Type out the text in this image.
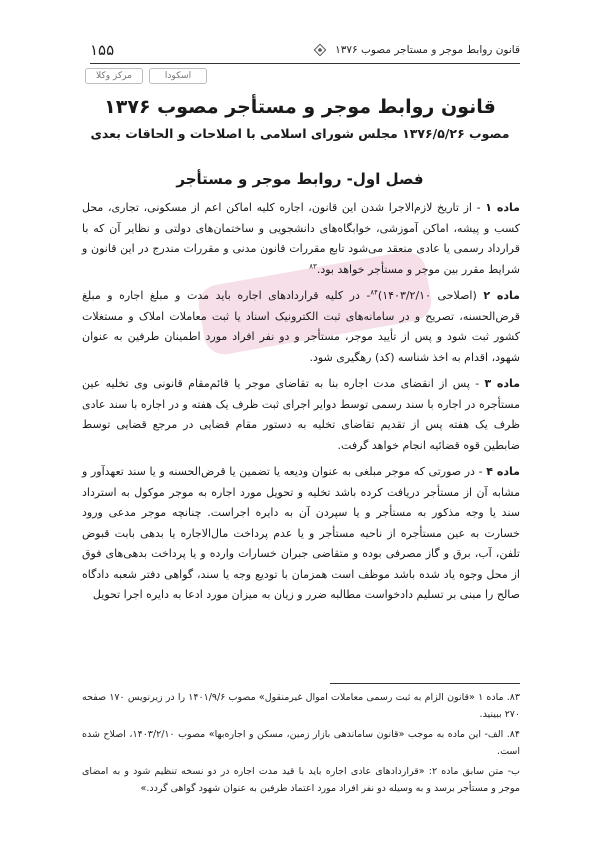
۱۵۵	قانون روابط موجر و مستاجر مصوب ۱۳۷۶
مرکز وکلا	اسکودا
قانون روابط موجر و مستأجر مصوب ۱۳۷۶
مصوب ۱۳۷۶/۵/۲۶ مجلس شورای اسلامی با اصلاحات و الحاقات بعدی
فصل اول- روابط موجر و مستأجر

ماده ۱ - از تاریخ لازم‌الاجرا شدن این قانون، اجاره کلیه اماکن اعم از مسکونی، تجاری، محل کسب و پیشه، اماکن آموزشی، خوابگاه‌های دانشجویی و ساختمان‌های دولتی و نظایر آن که با قرارداد رسمی یا عادی منعقد می‌شود تابع مقررات قانون مدنی و مقررات مندرج در این قانون و شرایط مقرر بین موجر و مستأجر خواهد بود.$^{۸۳}$

ماده ۲ (اصلاحی ۱۴۰۳/۲/۱۰)$^{۸۴}$- در کلیه قراردادهای اجاره باید مدت و مبلغ اجاره و مبلغ قرض‌الحسنه، تصریح و در سامانه‌های ثبت الکترونیک اسناد یا ثبت معاملات املاک و مستغلات کشور ثبت شود و پس از تأیید موجر، مستأجر و دو نفر افراد مورد اطمینان طرفین به عنوان شهود، اقدام به اخذ شناسه (کد) رهگیری شود.

ماده ۳ - پس از انقضای مدت اجاره بنا به تقاضای موجر یا قائم‌مقام قانونی وی تخلیه عین مستأجره در اجاره با سند رسمی توسط دوایر اجرای ثبت ظرف یک هفته و در اجاره با سند عادی ظرف یک هفته پس از تقدیم تقاضای تخلیه به دستور مقام قضایی در مرجع قضایی توسط ضابطین قوه قضائیه انجام خواهد گرفت.

ماده ۴ - در صورتی که موجر مبلغی به عنوان ودیعه یا تضمین یا قرض‌الحسنه و یا سند تعهدآور و مشابه آن از مستأجر دریافت کرده باشد تخلیه و تحویل مورد اجاره به موجر موکول به استرداد سند یا وجه مذکور به مستأجر و یا سپردن آن به دایره اجراست. چنانچه موجر مدعی ورود خسارت به عین مستأجره از ناحیه مستأجر و یا عدم پرداخت مال‌الاجاره یا بدهی بابت قبوض تلفن، آب، برق و گاز مصرفی بوده و متقاضی جبران خسارات وارده و یا پرداخت بدهی‌های فوق از محل وجوه یاد شده باشد موظف است همزمان با تودیع وجه یا سند، گواهی دفتر شعبه دادگاه صالح را مبنی بر تسلیم دادخواست مطالبه ضرر و زیان به میزان مورد ادعا به دایره اجرا تحویل

۸۳. ماده ۱ «قانون الزام به ثبت رسمی معاملات اموال غیرمنقول» مصوب ۱۴۰۱/۹/۶ را در زیرنویس ۱۷۰ صفحه ۲۷۰ ببینید.

۸۴. الف- این ماده به موجب «قانون ساماندهی بازار زمین، مسکن و اجاره‌بها» مصوب ۱۴۰۳/۲/۱۰، اصلاح شده است.

ب- متن سابق ماده ۲: «قراردادهای عادی اجاره باید با قید مدت اجاره در دو نسخه تنظیم شود و به امضای موجر و مستأجر برسد و به وسیله دو نفر افراد مورد اعتماد طرفین به عنوان شهود گواهی گردد.»
